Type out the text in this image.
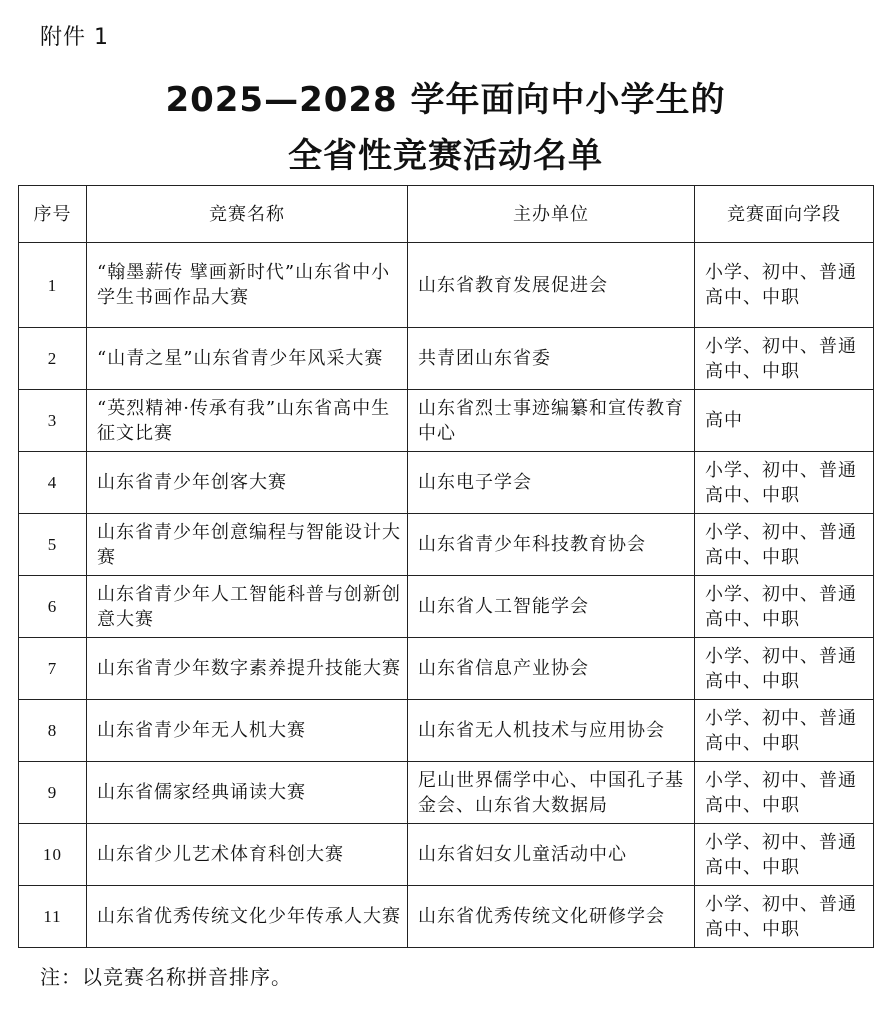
附件 1
2025—2028 学年面向中小学生的
全省性竞赛活动名单
序号	竞赛名称	主办单位	竞赛面向学段
1	“翰墨薪传 擘画新时代”山东省中小学生书画作品大赛	山东省教育发展促进会	小学、初中、普通高中、中职
2	“山青之星”山东省青少年风采大赛	共青团山东省委	小学、初中、普通高中、中职
3	“英烈精神·传承有我”山东省高中生征文比赛	山东省烈士事迹编纂和宣传教育中心	高中
4	山东省青少年创客大赛	山东电子学会	小学、初中、普通高中、中职
5	山东省青少年创意编程与智能设计大赛	山东省青少年科技教育协会	小学、初中、普通高中、中职
6	山东省青少年人工智能科普与创新创意大赛	山东省人工智能学会	小学、初中、普通高中、中职
7	山东省青少年数字素养提升技能大赛	山东省信息产业协会	小学、初中、普通高中、中职
8	山东省青少年无人机大赛	山东省无人机技术与应用协会	小学、初中、普通高中、中职
9	山东省儒家经典诵读大赛	尼山世界儒学中心、中国孔子基金会、山东省大数据局	小学、初中、普通高中、中职
10	山东省少儿艺术体育科创大赛	山东省妇女儿童活动中心	小学、初中、普通高中、中职
11	山东省优秀传统文化少年传承人大赛	山东省优秀传统文化研修学会	小学、初中、普通高中、中职
注：以竞赛名称拼音排序。
